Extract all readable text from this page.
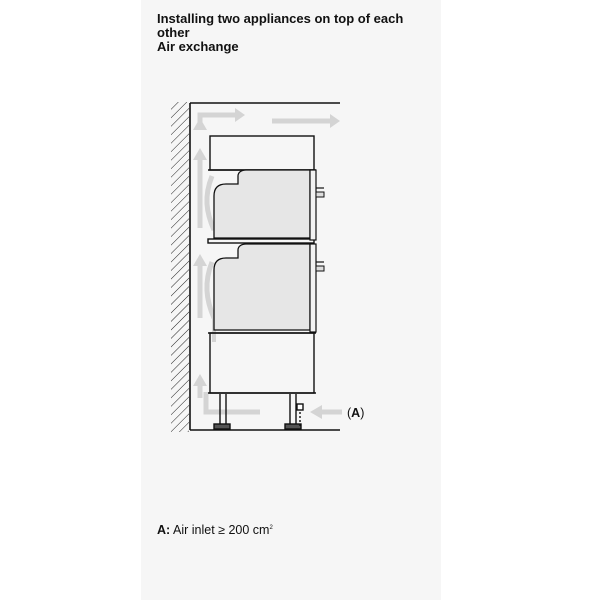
Installing two appliances on top of each
other
Air exchange
(A)
A: Air inlet ≥ 200 $cm^2$
